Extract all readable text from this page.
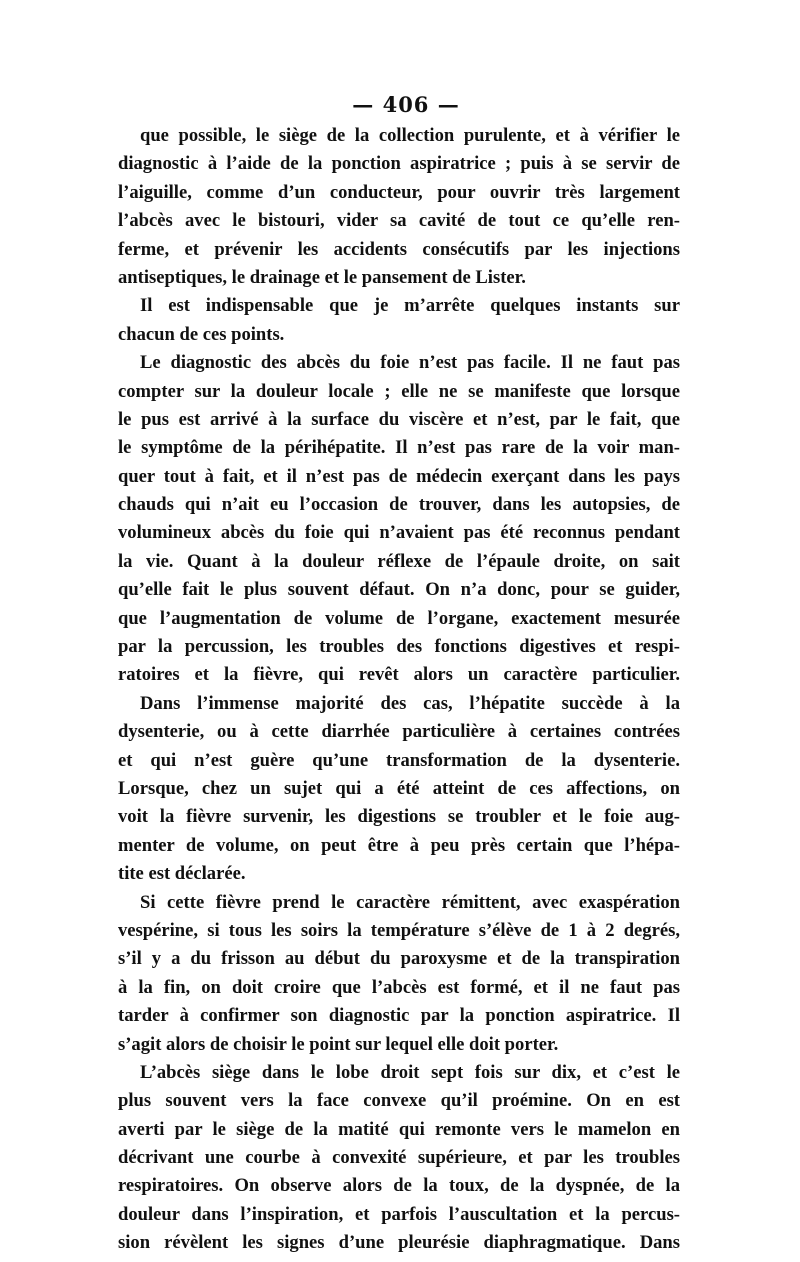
— 406 —

que possible, le siège de la collection purulente, et à vérifier le
diagnostic à l’aide de la ponction aspiratrice ; puis à se servir de
l’aiguille, comme d’un conducteur, pour ouvrir très largement
l’abcès avec le bistouri, vider sa cavité de tout ce qu’elle ren-
ferme, et prévenir les accidents consécutifs par les injections
antiseptiques, le drainage et le pansement de Lister.

Il est indispensable que je m’arrête quelques instants sur
chacun de ces points.

Le diagnostic des abcès du foie n’est pas facile. Il ne faut pas
compter sur la douleur locale ; elle ne se manifeste que lorsque
le pus est arrivé à la surface du viscère et n’est, par le fait, que
le symptôme de la périhépatite. Il n’est pas rare de la voir man-
quer tout à fait, et il n’est pas de médecin exerçant dans les pays
chauds qui n’ait eu l’occasion de trouver, dans les autopsies, de
volumineux abcès du foie qui n’avaient pas été reconnus pendant
la vie. Quant à la douleur réflexe de l’épaule droite, on sait
qu’elle fait le plus souvent défaut. On n’a donc, pour se guider,
que l’augmentation de volume de l’organe, exactement mesurée
par la percussion, les troubles des fonctions digestives et respi-
ratoires et la fièvre, qui revêt alors un caractère particulier.

Dans l’immense majorité des cas, l’hépatite succède à la
dysenterie, ou à cette diarrhée particulière à certaines contrées
et qui n’est guère qu’une transformation de la dysenterie.
Lorsque, chez un sujet qui a été atteint de ces affections, on
voit la fièvre survenir, les digestions se troubler et le foie aug-
menter de volume, on peut être à peu près certain que l’hépa-
tite est déclarée.

Si cette fièvre prend le caractère rémittent, avec exaspération
vespérine, si tous les soirs la température s’élève de 1 à 2 degrés,
s’il y a du frisson au début du paroxysme et de la transpiration
à la fin, on doit croire que l’abcès est formé, et il ne faut pas
tarder à confirmer son diagnostic par la ponction aspiratrice. Il
s’agit alors de choisir le point sur lequel elle doit porter.

L’abcès siège dans le lobe droit sept fois sur dix, et c’est le
plus souvent vers la face convexe qu’il proémine. On en est
averti par le siège de la matité qui remonte vers le mamelon en
décrivant une courbe à convexité supérieure, et par les troubles
respiratoires. On observe alors de la toux, de la dyspnée, de la
douleur dans l’inspiration, et parfois l’auscultation et la percus-
sion révèlent les signes d’une pleurésie diaphragmatique. Dans
